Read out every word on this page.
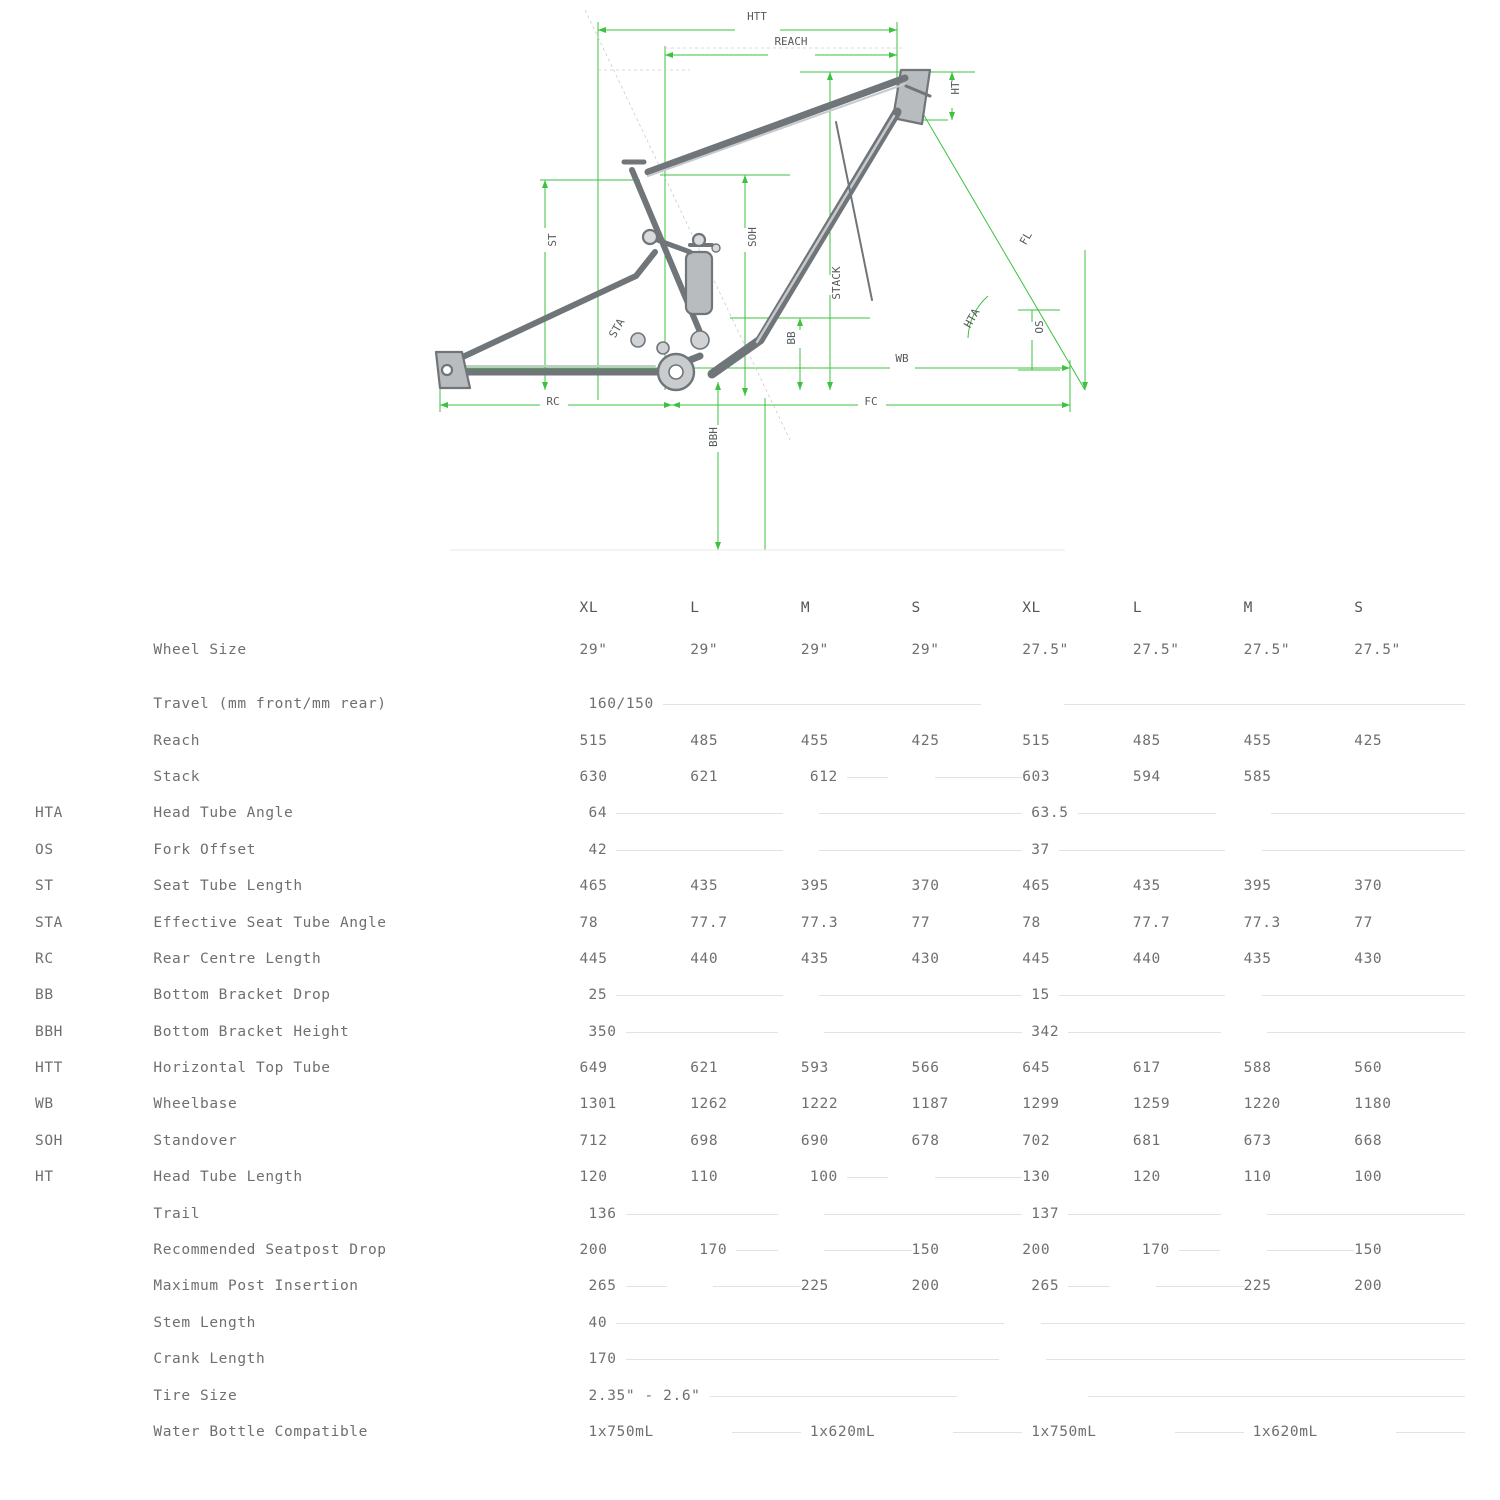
HTT
REACH
HT
ST	SOH
STACK
FL
STA	BB
HTA	OS
WB
RC	FC
BBH
		XL	L	M	S	XL	L	M	S
	Wheel Size	29"	29"	29"	29"	27.5"	27.5"	27.5"	27.5"

	Travel (mm front/mm rear)	160/150							

	Reach	515	485	455	425	515	485	455	425
	Stack	630	621	612		603	594	585	
HTA	Head Tube Angle	64				63.5			

OS	Fork Offset	42				37			

ST	Seat Tube Length	465	435	395	370	465	435	395	370
STA	Effective Seat Tube Angle	78	77.7	77.3	77	78	77.7	77.3	77
RC	Rear Centre Length	445	440	435	430	445	440	435	430
BB	Bottom Bracket Drop	25				15			

BBH	Bottom Bracket Height	350				342			

HTT	Horizontal Top Tube	649	621	593	566	645	617	588	560
WB	Wheelbase	1301	1262	1222	1187	1299	1259	1220	1180
SOH	Standover	712	698	690	678	702	681	673	668
HT	Head Tube Length	120	110	100		130	120	110	100
	Trail	136				137			

	Recommended Seatpost Drop	200	170		150	200	170		150
	Maximum Post Insertion	265		225	200	265		225	200
	Stem Length	40							

	Crank Length	170							

	Tire Size	2.35" - 2.6"							

	Water Bottle Compatible	1x750mL		1x620mL		1x750mL		1x620mL	
